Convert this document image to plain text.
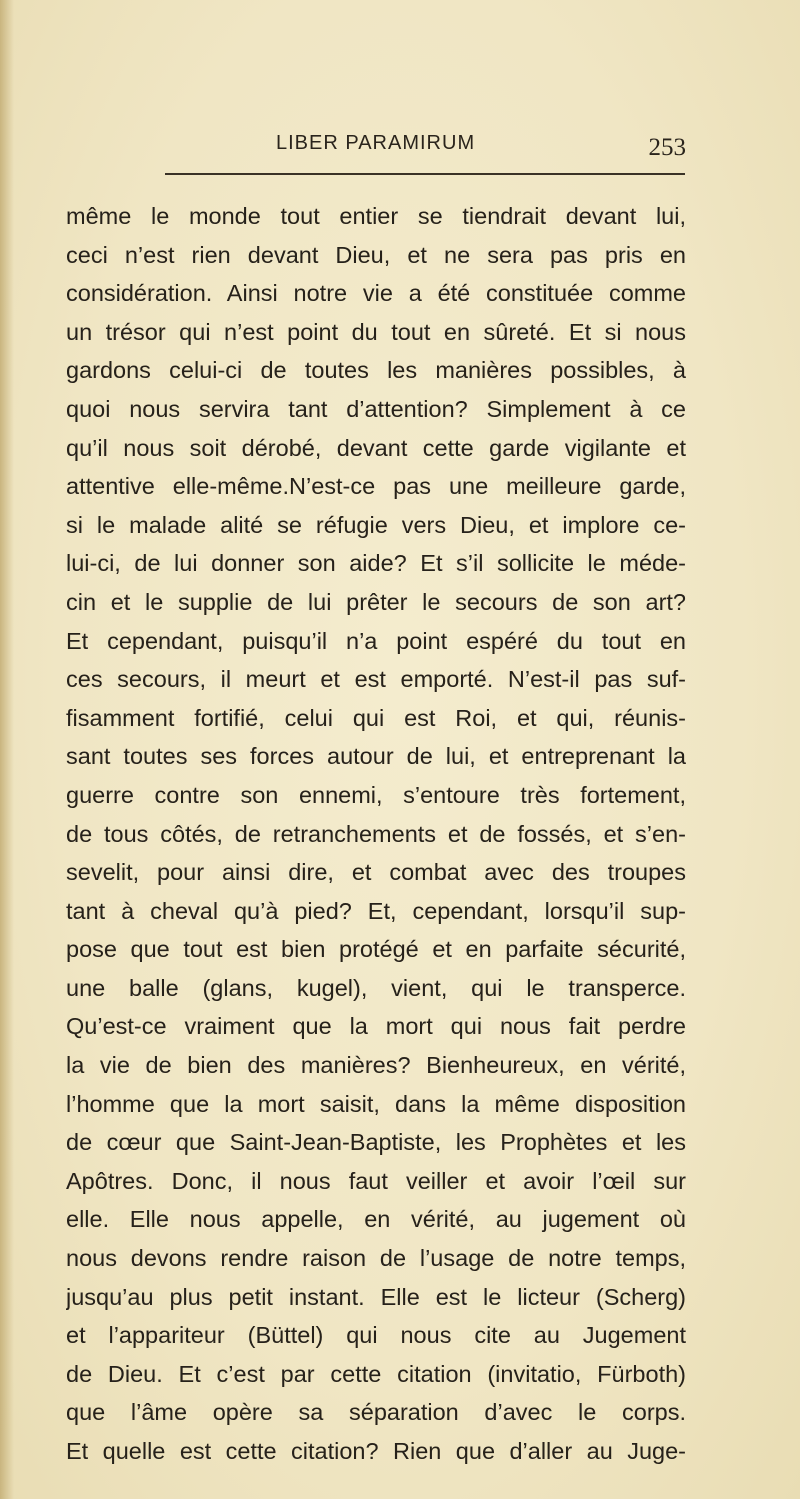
LIBER PARAMIRUM	253
même le monde tout entier se tiendrait devant lui,
ceci n’est rien devant Dieu, et ne sera pas pris en
considération. Ainsi notre vie a été constituée comme
un trésor qui n’est point du tout en sûreté. Et si nous
gardons celui-ci de toutes les manières possibles, à
quoi nous servira tant d’attention? Simplement à ce
qu’il nous soit dérobé, devant cette garde vigilante et
attentive elle-même.N’est-ce pas une meilleure garde,
si le malade alité se réfugie vers Dieu, et implore ce-
lui-ci, de lui donner son aide? Et s’il sollicite le méde-
cin et le supplie de lui prêter le secours de son art?
Et cependant, puisqu’il n’a point espéré du tout en
ces secours, il meurt et est emporté. N’est-il pas suf-
fisamment fortifié, celui qui est Roi, et qui, réunis-
sant toutes ses forces autour de lui, et entreprenant la
guerre contre son ennemi, s’entoure très fortement,
de tous côtés, de retranchements et de fossés, et s’en-
sevelit, pour ainsi dire, et combat avec des troupes
tant à cheval qu’à pied? Et, cependant, lorsqu’il sup-
pose que tout est bien protégé et en parfaite sécurité,
une balle (glans, kugel), vient, qui le transperce.
Qu’est-ce vraiment que la mort qui nous fait perdre
la vie de bien des manières? Bienheureux, en vérité,
l’homme que la mort saisit, dans la même disposition
de cœur que Saint-Jean-Baptiste, les Prophètes et les
Apôtres. Donc, il nous faut veiller et avoir l’œil sur
elle. Elle nous appelle, en vérité, au jugement où
nous devons rendre raison de l’usage de notre temps,
jusqu’au plus petit instant. Elle est le licteur (Scherg)
et l’appariteur (Büttel) qui nous cite au Jugement
de Dieu. Et c’est par cette citation (invitatio, Fürboth)
que l’âme opère sa séparation d’avec le corps.
Et quelle est cette citation? Rien que d’aller au Juge-
